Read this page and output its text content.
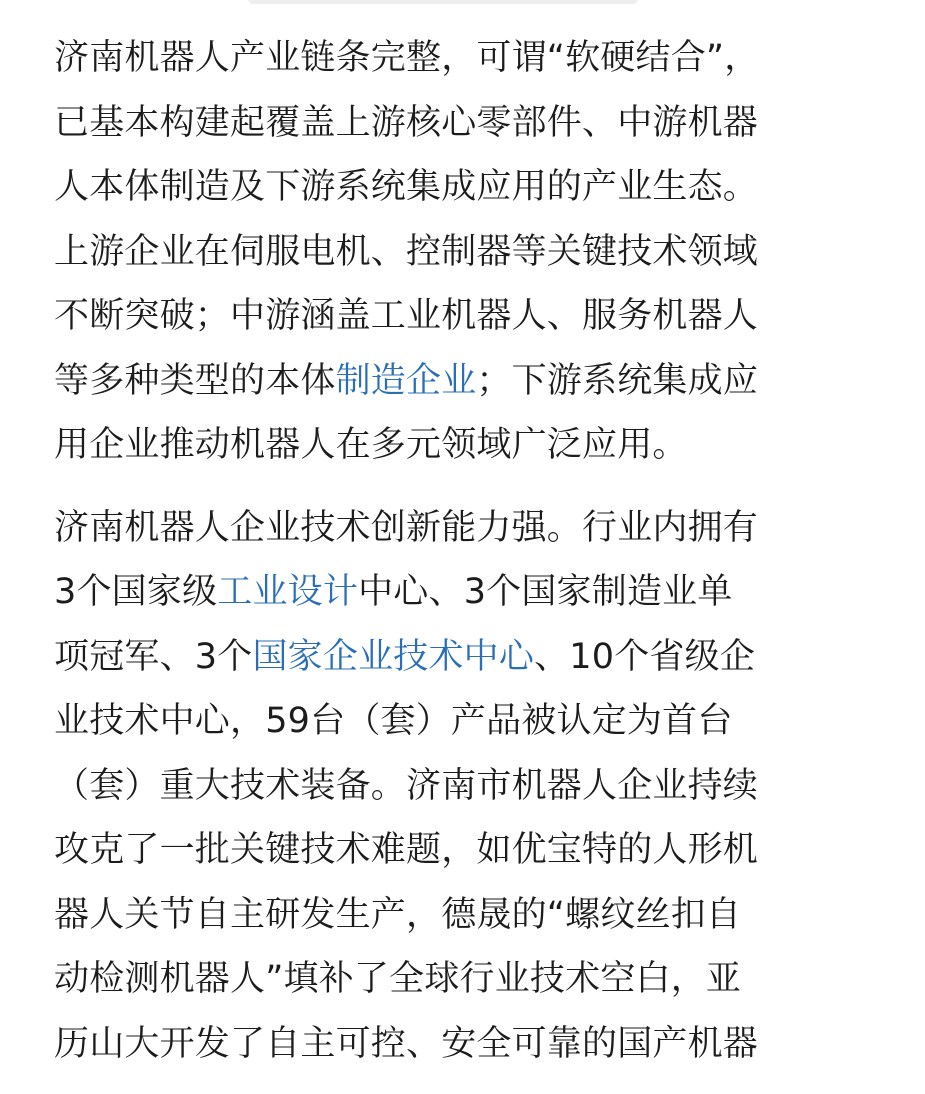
济南机器人产业链条完整，可谓“软硬结合”，
已基本构建起覆盖上游核心零部件、中游机器
人本体制造及下游系统集成应用的产业生态。
上游企业在伺服电机、控制器等关键技术领域
不断突破；中游涵盖工业机器人、服务机器人
等多种类型的本体制造企业；下游系统集成应
用企业推动机器人在多元领域广泛应用。
济南机器人企业技术创新能力强。行业内拥有
3个国家级工业设计中心、3个国家制造业单
项冠军、3个国家企业技术中心、10个省级企
业技术中心，59台（套）产品被认定为首台
（套）重大技术装备。济南市机器人企业持续
攻克了一批关键技术难题，如优宝特的人形机
器人关节自主研发生产，德晟的“螺纹丝扣自
动检测机器人”填补了全球行业技术空白，亚
历山大开发了自主可控、安全可靠的国产机器
